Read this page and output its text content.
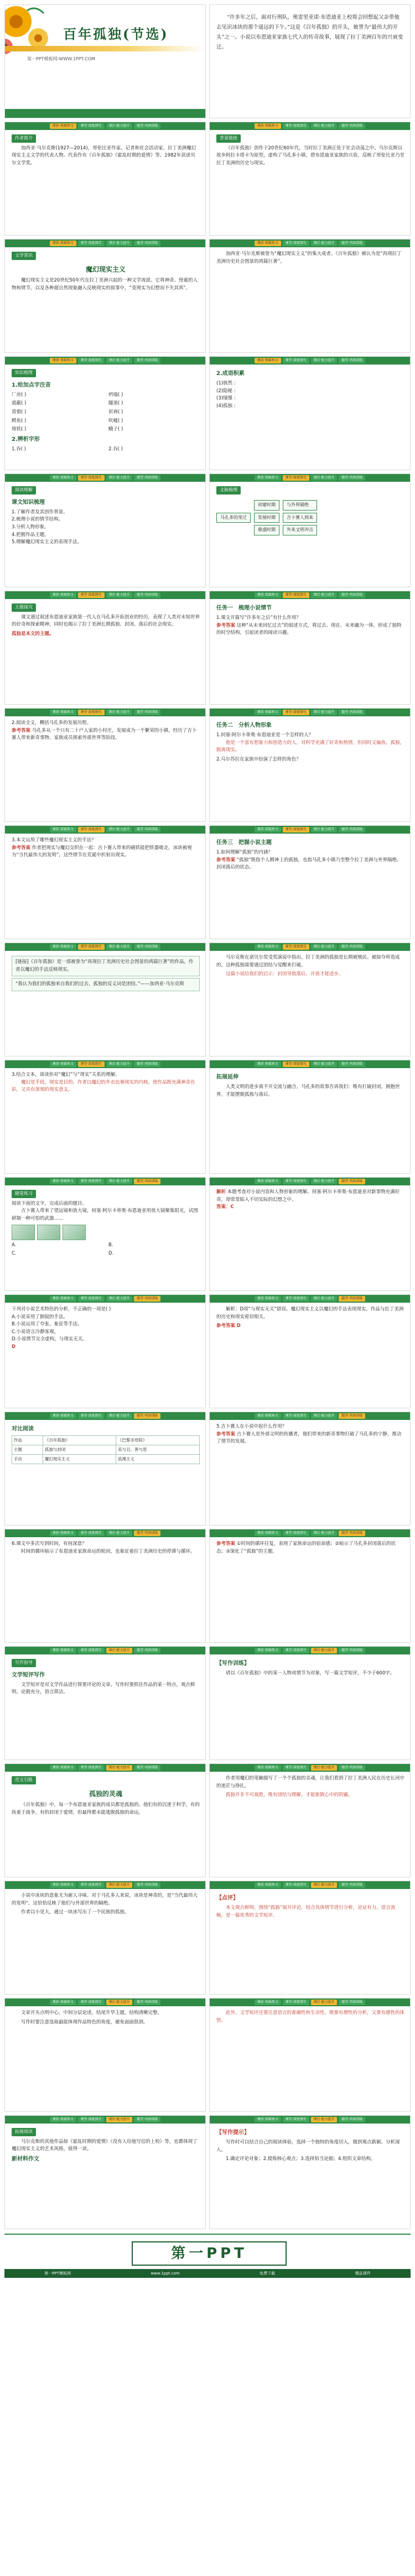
百年孤独(节选)
第一PPT模板网-WWW.1PPT.COM
“许多年之后，面对行刑队，奥雷里亚诺·布恩迪亚上校将会回想起父亲带他去见识冰块的那个遥远的下午。”这是《百年孤独》的开头，被誉为“最伟大的开头”之一。小说以布恩迪亚家族七代人的传奇故事，展现了拉丁美洲百年的兴衰变迁。
课前·基础预习	课堂·深度探究	课后·能力提升	随堂·巩固训练
作者简介
加西亚·马尔克斯(1927—2014)，哥伦比亚作家、记者和社会活动家，拉丁美洲魔幻现实主义文学的代表人物。代表作有《百年孤独》《霍乱时期的爱情》等。1982年获诺贝尔文学奖。
课前·基础预习	课堂·深度探究	课后·能力提升	随堂·巩固训练
背景链接
《百年孤独》创作于20世纪60年代，当时拉丁美洲正处于社会动荡之中。马尔克斯以故乡阿拉卡塔卡为原型，虚构了马孔多小镇，借布恩迪亚家族的兴衰，反映了哥伦比亚乃至拉丁美洲的历史与现实。
课前·基础预习	课堂·深度探究	课后·能力提升	随堂·巩固训练
文学常识
魔幻现实主义
魔幻现实主义是20世纪50年代在拉丁美洲兴起的一种文学流派。它将神奇、怪诞的人物和情节，以及各种超自然现象融入反映现实的叙事中，“变现实为幻想而不失其真”。
课前·基础预习	课堂·深度探究	课后·能力提升	随堂·巩固训练
加西亚·马尔克斯被誉为“魔幻现实主义”的集大成者。《百年孤独》被认为是“再现拉丁美洲历史社会图景的鸿篇巨著”。
课前·基础预习	课堂·深度探究	课后·能力提升	随堂·巩固训练
知识梳理
1.给加点字注音
厂房( )	坍塌( )
遮蔽( )	隧道( )
畏惧( )	祈祷( )
鳄鱼( )	吹嘘( )
烙铁( )	蛾子( )
2.辨析字形
1.吞( )	2.吞( )
课前·基础预习	课堂·深度探究	课后·能力提升	随堂·巩固训练
2.成语积累
(1)骇然 :
(2)隐秘 :
(3)憧憬 :
(4)孤独 :
课前·基础预习	课堂·深度探究	课后·能力提升	随堂·巩固训练
阅读理解
课文知识梳理
1.了解作者及其创作背景。
2.梳理小说的情节结构。
3.分析人物形象。
4.把握作品主题。
5.理解魔幻现实主义的表现手法。
课前·基础预习	课堂·深度探究	课后·能力提升	随堂·巩固训练
文脉梳理
马孔多的变迁
初建时期
发展时期
鼎盛时期
与外界隔绝
吉卜赛人到来
外来文明冲击
课前·基础预习	课堂·深度探究	课后·能力提升	随堂·巩固训练
主题探究
课文通过叙述布恩迪亚家族第一代人在马孔多开拓创业的经历，表现了人类对未知世界的好奇和探索精神，同时也揭示了拉丁美洲长期孤独、封闭、落后的社会现实。
孤独是本文的主题。
课前·基础预习	课堂·深度探究	课后·能力提升	随堂·巩固训练
任务一　梳理小说情节
1.课文开篇写“许多年之后”有什么作用？
参考答案 这种“从未来回忆过去”的叙述方式，将过去、现在、未来融为一体，形成了独特的时空结构，引起读者的阅读兴趣。
课前·基础预习	课堂·深度探究	课后·能力提升	随堂·巩固训练
2.阅读全文，概括马孔多的发展历程。
参考答案 马孔多从一个只有二十户人家的小村庄，发展成为一个繁荣的小镇，经历了吉卜赛人带来新奇事物、家族成员探索外部世界等阶段。
课前·基础预习	课堂·深度探究	课后·能力提升	随堂·巩固训练
任务二　分析人物形象
1.何塞·阿尔卡蒂奥·布恩迪亚是一个怎样的人？
他是一个富有想象力和创造力的人，对科学充满了好奇和热情，但同时又偏执、孤独，脱离现实。
2.乌尔苏拉在家族中扮演了怎样的角色？
课前·基础预习	课堂·深度探究	课后·能力提升	随堂·巩固训练
3.本文运用了哪些魔幻现实主义的手法？
参考答案 作者把现实与魔幻交织在一起：吉卜赛人带来的磁铁能把铁器吸走，冰块被视为“当代最伟大的发明”，这些情节在荒诞中折射出现实。
课前·基础预习	课堂·深度探究	课后·能力提升	随堂·巩固训练
任务三　把握小说主题
1.如何理解“孤独”的内涵？
参考答案 “孤独”既指个人精神上的孤独，也指马孔多小镇乃至整个拉丁美洲与外界隔绝、封闭落后的状态。
课前·基础预习	课堂·深度探究	课后·能力提升	随堂·巩固训练
[链接]《百年孤独》是一部被誉为“再现拉丁美洲历史社会图景的鸿篇巨著”的作品，作者以魔幻的手法反映现实。
“我认为我们的孤独来自我们的过去，孤独的反义词是团结。”——加西亚·马尔克斯
课前·基础预习	课堂·深度探究	课后·能力提升	随堂·巩固训练
马尔克斯在诺贝尔奖受奖演说中指出，拉丁美洲的孤独是长期被殖民、被掠夺所造成的，这种孤独需要通过团结与觉醒来打破。
这篇小说给我们的启示：封闭导致落后，开放才能进步。
课前·基础预习	课堂·深度探究	课后·能力提升	随堂·巩固训练
3.结合文本，谈谈你对“魔幻”与“现实”关系的理解。
魔幻是手段，现实是目的。作者以魔幻的外衣包裹现实的内核，使作品既充满神奇色彩，又具有深刻的现实意义。
课前·基础预习	课堂·深度探究	课后·能力提升	随堂·巩固训练
拓展延伸
人类文明的进步离不开交流与融合。马孔多的故事告诉我们：唯有打破封闭，拥抱世界，才能摆脱孤独与落后。
课前·基础预习	课堂·深度探究	课后·能力提升	随堂·巩固训练
随堂练习
阅读下面的文字，完成后面的题目。
吉卜赛人带来了望远镜和放大镜，何塞·阿尔卡蒂奥·布恩迪亚用放大镜聚集阳光，试图研制一种可怕的武器……
A.	B.
C.	D.
课前·基础预习	课堂·深度探究	课后·能力提升	随堂·巩固训练
解析 本题考查对小说内容和人物形象的理解。何塞·阿尔卡蒂奥·布恩迪亚对新事物充满好奇，却常常陷入不切实际的幻想之中。
答案：C
课前·基础预习	课堂·深度探究	课后·能力提升	随堂·巩固训练
下列对小说艺术特色的分析，不正确的一项是( )
A.小说采用了倒叙的手法。
B.小说运用了夸张、象征等手法。
C.小说语言冷静客观。
D.小说情节完全虚构，与现实无关。
D
课前·基础预习	课堂·深度探究	课后·能力提升	随堂·巩固训练
解析：D项“与现实无关”错误。魔幻现实主义以魔幻的手法表现现实，作品与拉丁美洲的历史和现实密切相关。
参考答案 D
课前·基础预习	课堂·深度探究	课后·能力提升	随堂·巩固训练
对比阅读
作品	《百年孤独》	《巴黎圣母院》
主题	孤独与封闭	美与丑、善与恶
手法	魔幻现实主义	浪漫主义
课前·基础预习	课堂·深度探究	课后·能力提升	随堂·巩固训练
5.吉卜赛人在小说中起什么作用？
参考答案 吉卜赛人是外部文明的传播者，他们带来的新奇事物打破了马孔多的宁静，推动了情节的发展。
课前·基础预习	课堂·深度探究	课后·能力提升	随堂·巩固训练
6.课文中多次写到时间，有何深意？
时间的循环暗示了布恩迪亚家族命运的轮回，也象征着拉丁美洲历史的停滞与循环。
课前·基础预习	课堂·深度探究	课后·能力提升	随堂·巩固训练
参考答案 ①时间的循环往复，表现了家族命运的宿命感；②暗示了马孔多封闭落后的状态；③深化了“孤独”的主题。
课前·基础预习	课堂·深度探究	课后·能力提升	随堂·巩固训练
写作指导
文学短评写作
文学短评是对文学作品进行简要评论的文章。写作时要抓住作品的某一特点，观点鲜明，论据充分，语言简洁。
课前·基础预习	课堂·深度探究	课后·能力提升	随堂·巩固训练
【写作训练】
请以《百年孤独》中的某一人物或情节为对象，写一篇文学短评，不少于600字。
课前·基础预习	课堂·深度探究	课后·能力提升	随堂·巩固训练
范文引路
孤独的灵魂
《百年孤独》中，每一个布恩迪亚家族的成员都是孤独的。他们有的沉迷于科学，有的执着于战争，有的封闭于爱情，但最终都未能逃脱孤独的命运。
课前·基础预习	课堂·深度探究	课后·能力提升	随堂·巩固训练
作者用魔幻的笔触描写了一个个孤独的灵魂，让我们看到了拉丁美洲人民在历史长河中的迷茫与挣扎。
孤独并非不可战胜，唯有团结与理解，才能驱散心中的阴霾。
课前·基础预习	课堂·深度探究	课后·能力提升	随堂·巩固训练
小说中冰块的意象尤为耐人寻味。对于马孔多人来说，冰块是神奇的，是“当代最伟大的发明”，这恰恰反映了他们与外部世界的隔绝。
作者以小见大，通过一块冰写出了一个民族的孤独。
课前·基础预习	课堂·深度探究	课后·能力提升	随堂·巩固训练
【点评】
本文观点鲜明，围绕“孤独”展开评论，结合具体情节进行分析，论证有力，语言流畅，是一篇优秀的文学短评。
课前·基础预习	课堂·深度探究	课后·能力提升	随堂·巩固训练
文章开头点明中心，中间分层论述，结尾升华主题，结构清晰完整。
写作时要注意选取最能体现作品特色的角度，避免面面俱到。
课前·基础预习	课堂·深度探究	课后·能力提升	随堂·巩固训练
此外，文学短评还要注意语言的准确性和生动性，既要有理性的分析，又要有感性的体悟。
课前·基础预习	课堂·深度探究	课后·能力提升	随堂·巩固训练
拓展阅读
马尔克斯的其他作品如《霍乱时期的爱情》《没有人给他写信的上校》等，也都体现了魔幻现实主义的艺术风格，值得一读。
新材料作文
课前·基础预习	课堂·深度探究	课后·能力提升	随堂·巩固训练
【写作提示】
写作时可以结合自己的阅读体验，选择一个独特的角度切入，做到观点新颖、分析深入。
1.确定评论对象；2.提炼核心观点；3.选择恰当论据；4.组织文章结构。
第一PPT
第一PPT模板网	www.1ppt.com	免费下载	精品课件
